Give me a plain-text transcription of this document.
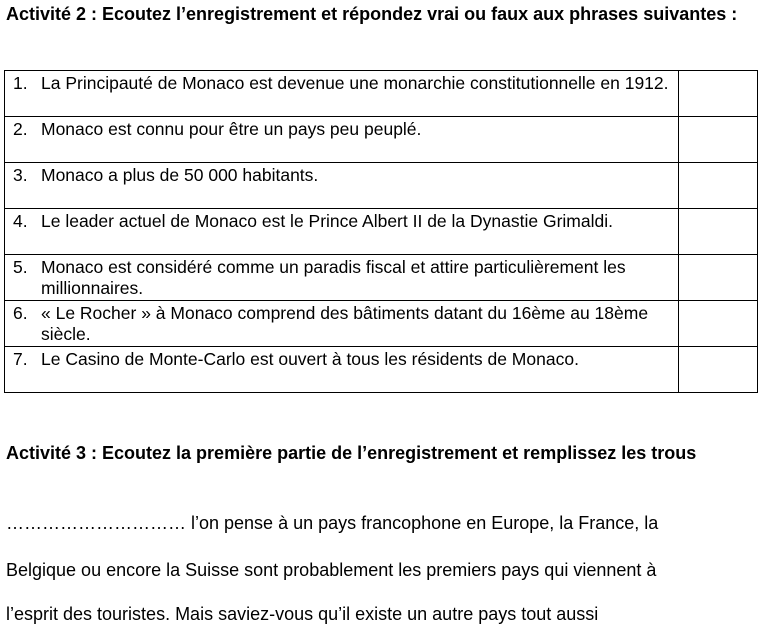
Activité 2 : Ecoutez l’enregistrement et répondez vrai ou faux aux phrases suivantes :

1. La Principauté de Monaco est devenue une monarchie constitutionnelle en 1912.	

2. Monaco est connu pour être un pays peu peuplé.	

3. Monaco a plus de 50 000 habitants.	

4. Le leader actuel de Monaco est le Prince Albert II de la Dynastie Grimaldi.	

5. Monaco est considéré comme un paradis fiscal et attire particulièrement les millionnaires.	

6. « Le Rocher » à Monaco comprend des bâtiments datant du 16ème au 18ème siècle.	

7. Le Casino de Monte-Carlo est ouvert à tous les résidents de Monaco.	

Activité 3 : Ecoutez la première partie de l’enregistrement et remplissez les trous

………………………… l’on pense à un pays francophone en Europe, la France, la

Belgique ou encore la Suisse sont probablement les premiers pays qui viennent à

l’esprit des touristes. Mais saviez-vous qu’il existe un autre pays tout aussi
